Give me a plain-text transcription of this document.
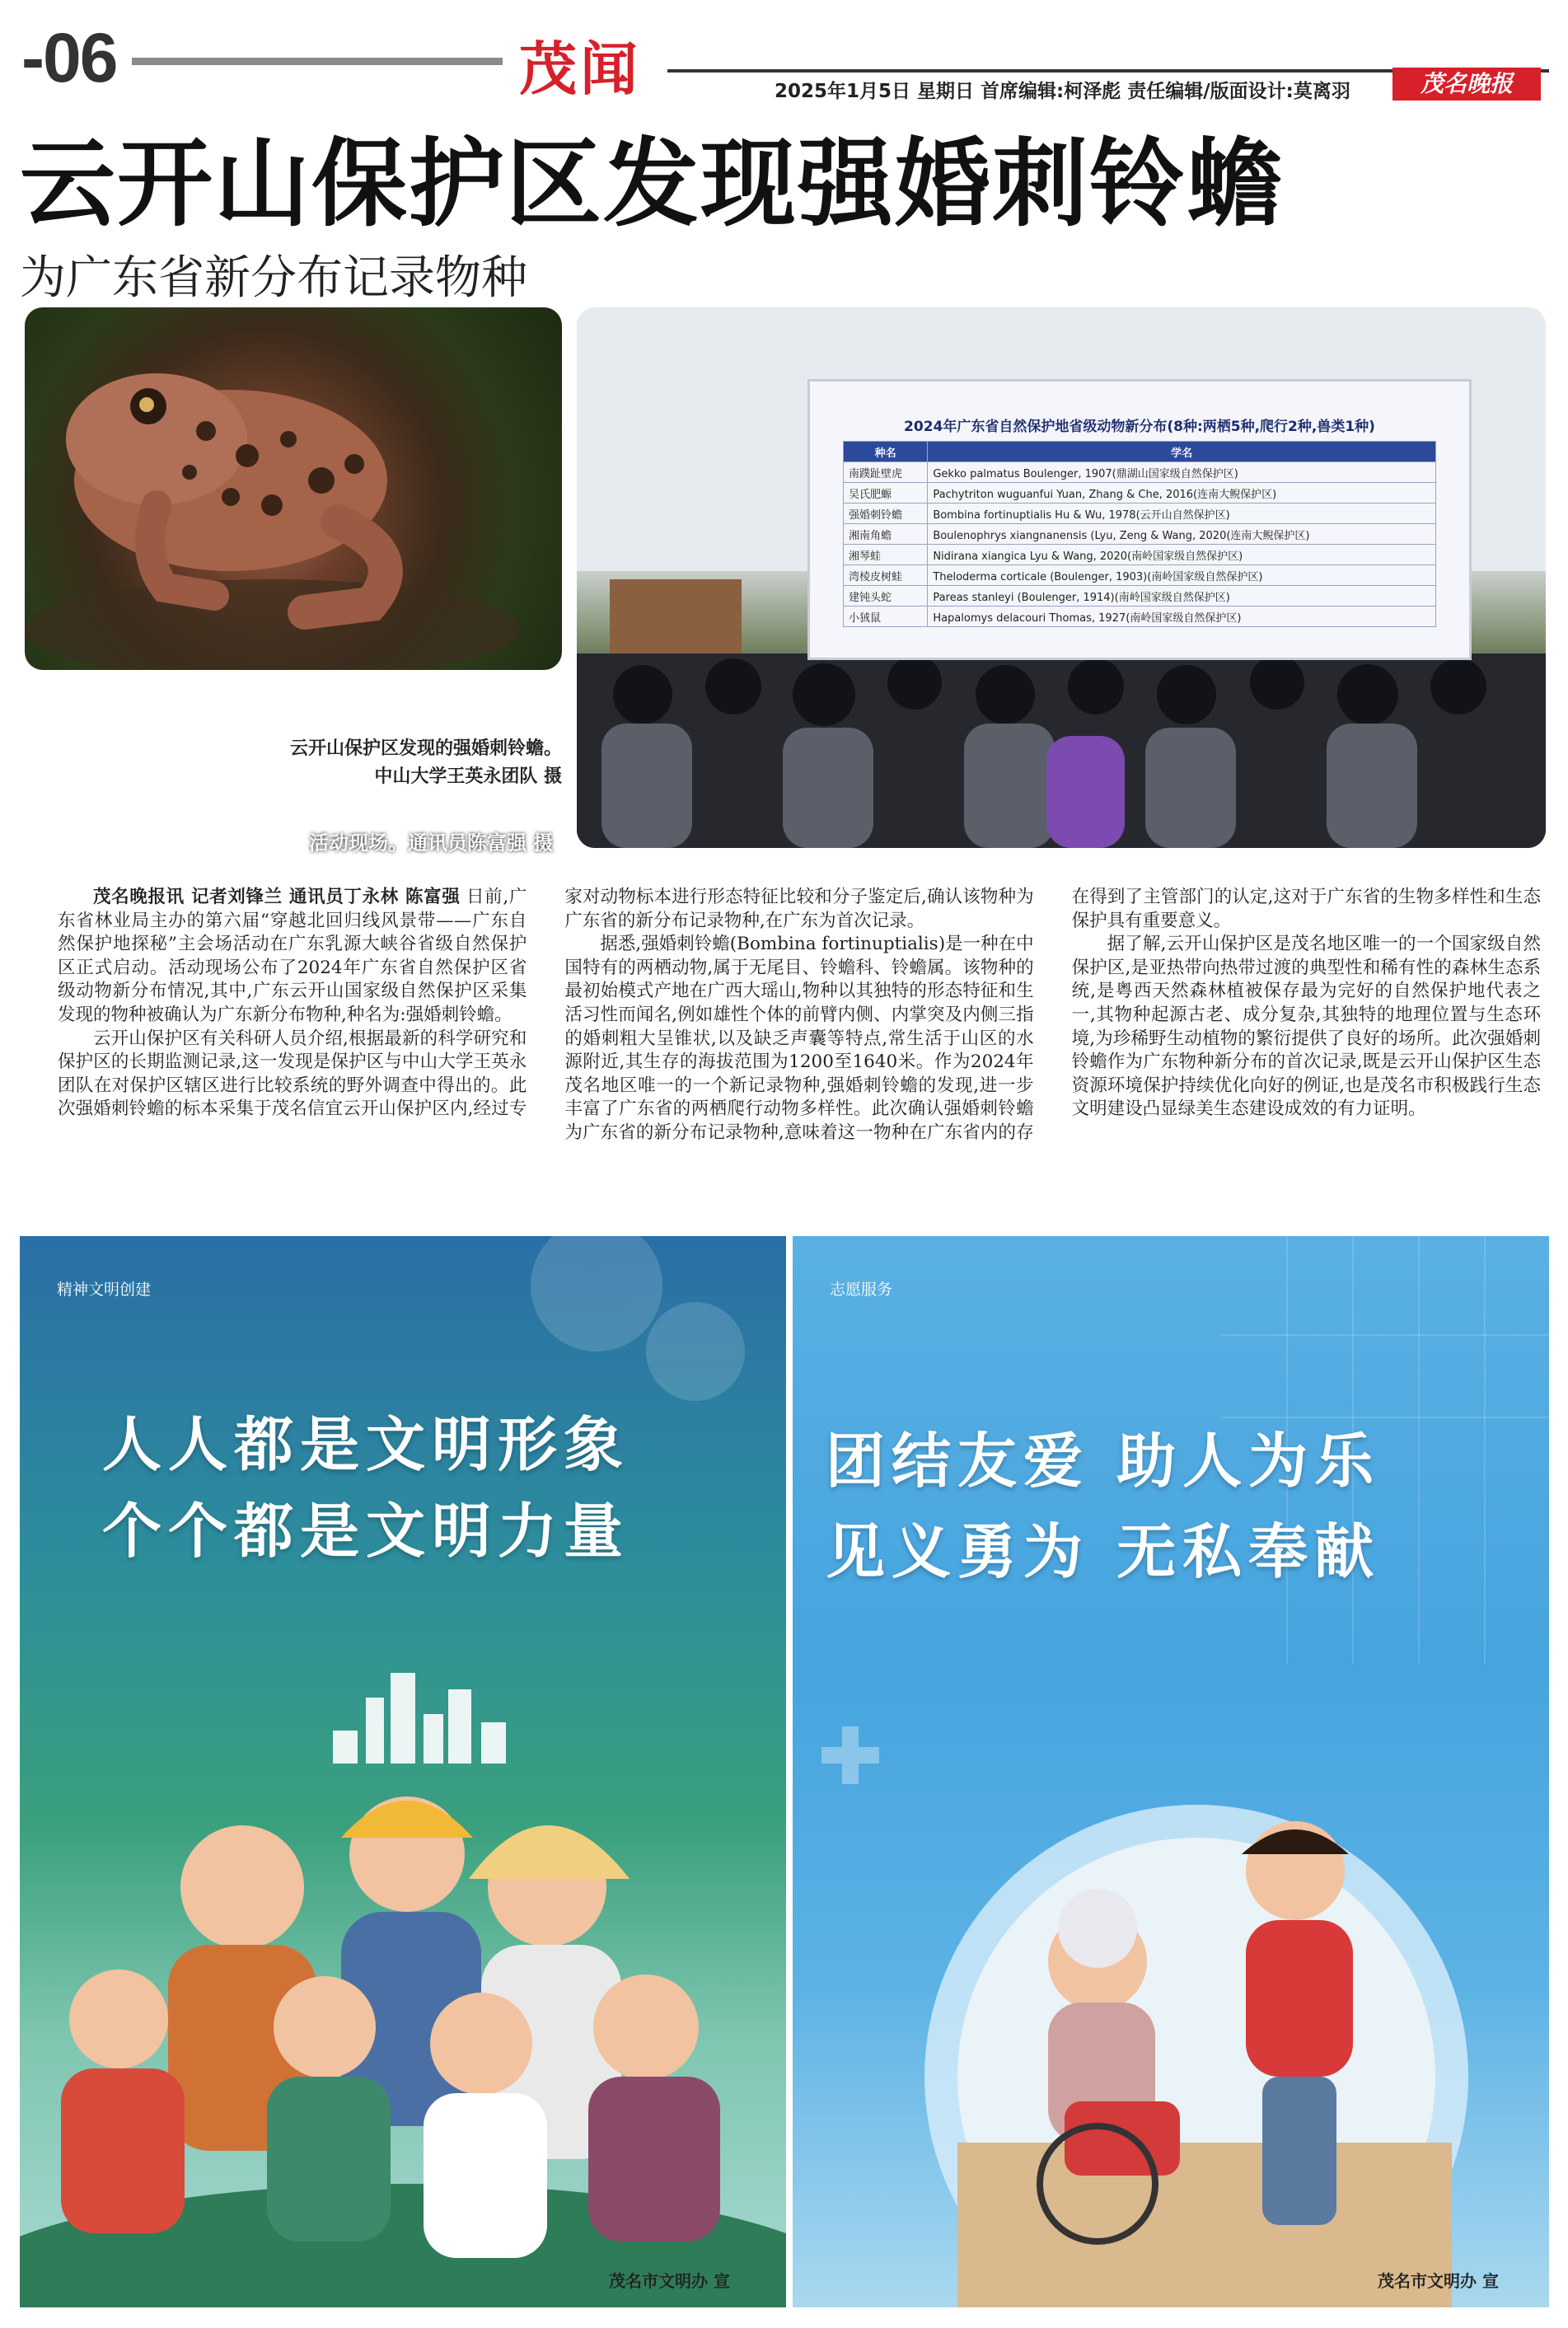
-06	茂闻	2025年1月5日 星期日 首席编辑:柯泽彪 责任编辑/版面设计:莫离羽	茂名晚报
云开山保护区发现强婚刺铃蟾
为广东省新分布记录物种
云开山保护区发现的强婚刺铃蟾。
中山大学王英永团队 摄
2024年广东省自然保护地省级动物新分布(8种:两栖5种,爬行2种,兽类1种)
种名	学名
南蹼趾壁虎	Gekko palmatus Boulenger, 1907(鼎湖山国家级自然保护区)
吴氏肥螈	Pachytriton wuguanfui Yuan, Zhang & Che, 2016(连南大鲵保护区)
强婚刺铃蟾	Bombina fortinuptialis Hu & Wu, 1978(云开山自然保护区)
湘南角蟾	Boulenophrys xiangnanensis (Lyu, Zeng & Wang, 2020(连南大鲵保护区)
湘琴蛙	Nidirana xiangica Lyu & Wang, 2020(南岭国家级自然保护区)
湾棱皮树蛙	Theloderma corticale (Boulenger, 1903)(南岭国家级自然保护区)
建钝头蛇	Pareas stanleyi (Boulenger, 1914)(南岭国家级自然保护区)
小狨鼠	Hapalomys delacouri Thomas, 1927(南岭国家级自然保护区)
活动现场。通讯员陈富强 摄

茂名晚报讯 记者刘锋兰 通讯员丁永林 陈富强 日前,广东省林业局主办的第六届“穿越北回归线风景带——广东自然保护地探秘”主会场活动在广东乳源大峡谷省级自然保护区正式启动。活动现场公布了2024年广东省自然保护区省级动物新分布情况,其中,广东云开山国家级自然保护区采集发现的物种被确认为广东新分布物种,种名为:强婚刺铃蟾。

云开山保护区有关科研人员介绍,根据最新的科学研究和保护区的长期监测记录,这一发现是保护区与中山大学王英永团队在对保护区辖区进行比较系统的野外调查中得出的。此次强婚刺铃蟾的标本采集于茂名信宜云开山保护区内,经过专家对动物标本进行形态特征比较和分子鉴定后,确认该物种为广东省的新分布记录物种,在广东为首次记录。

据悉,强婚刺铃蟾(Bombina fortinuptialis)是一种在中国特有的两栖动物,属于无尾目、铃蟾科、铃蟾属。该物种的最初始模式产地在广西大瑶山,物种以其独特的形态特征和生活习性而闻名,例如雄性个体的前臂内侧、内掌突及内侧三指的婚刺粗大呈锥状,以及缺乏声囊等特点,常生活于山区的水源附近,其生存的海拔范围为1200至1640米。作为2024年茂名地区唯一的一个新记录物种,强婚刺铃蟾的发现,进一步丰富了广东省的两栖爬行动物多样性。此次确认强婚刺铃蟾为广东省的新分布记录物种,意味着这一物种在广东省内的存在得到了主管部门的认定,这对于广东省的生物多样性和生态保护具有重要意义。

据了解,云开山保护区是茂名地区唯一的一个国家级自然保护区,是亚热带向热带过渡的典型性和稀有性的森林生态系统,是粤西天然森林植被保存最为完好的自然保护地代表之一,其物种起源古老、成分复杂,其独特的地理位置与生态环境,为珍稀野生动植物的繁衍提供了良好的场所。此次强婚刺铃蟾作为广东物种新分布的首次记录,既是云开山保护区生态资源环境保护持续优化向好的例证,也是茂名市积极践行生态文明建设凸显绿美生态建设成效的有力证明。

精神文明创建
人人都是文明形象
个个都是文明力量
茂名市文明办 宣
志愿服务
团结友爱 助人为乐
见义勇为 无私奉献
茂名市文明办 宣
